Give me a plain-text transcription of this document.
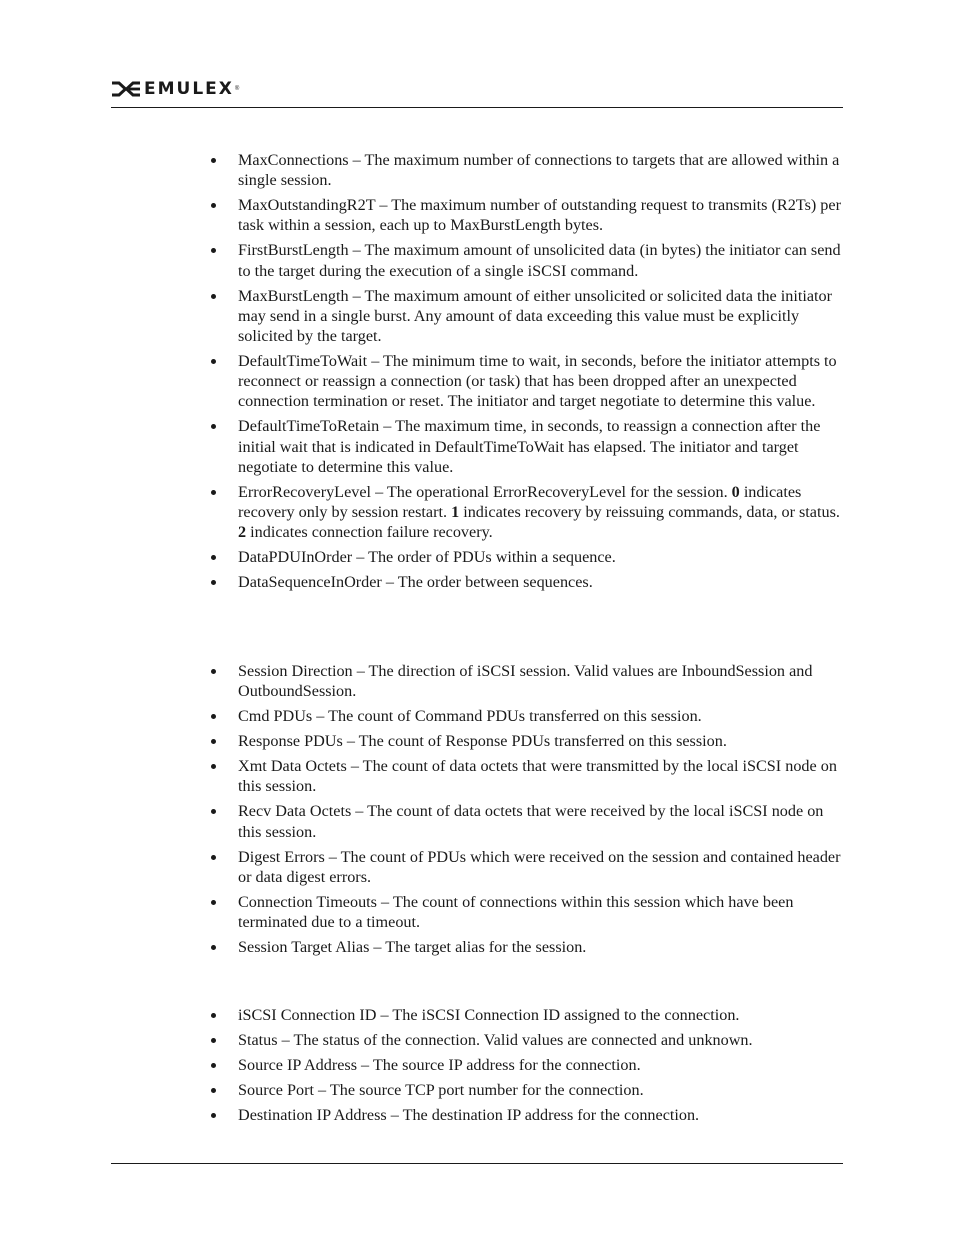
EMULEX ®
MaxConnections – The maximum number of connections to targets that are allowed within a single session.
MaxOutstandingR2T – The maximum number of outstanding request to transmits (R2Ts) per task within a session, each up to MaxBurstLength bytes.
FirstBurstLength – The maximum amount of unsolicited data (in bytes) the initiator can send to the target during the execution of a single iSCSI command.
MaxBurstLength – The maximum amount of either unsolicited or solicited data the initiator may send in a single burst. Any amount of data exceeding this value must be explicitly solicited by the target.
DefaultTimeToWait – The minimum time to wait, in seconds, before the initiator attempts to reconnect or reassign a connection (or task) that has been dropped after an unexpected connection termination or reset. The initiator and target negotiate to determine this value.
DefaultTimeToRetain – The maximum time, in seconds, to reassign a connection after the initial wait that is indicated in DefaultTimeToWait has elapsed. The initiator and target negotiate to determine this value.
ErrorRecoveryLevel – The operational ErrorRecoveryLevel for the session. 0 indicates recovery only by session restart. 1 indicates recovery by reissuing commands, data, or status. 2 indicates connection failure recovery.
DataPDUInOrder – The order of PDUs within a sequence.
DataSequenceInOrder – The order between sequences.
Session Direction – The direction of iSCSI session. Valid values are InboundSession and OutboundSession.
Cmd PDUs – The count of Command PDUs transferred on this session.
Response PDUs – The count of Response PDUs transferred on this session.
Xmt Data Octets – The count of data octets that were transmitted by the local iSCSI node on this session.
Recv Data Octets – The count of data octets that were received by the local iSCSI node on this session.
Digest Errors – The count of PDUs which were received on the session and contained header or data digest errors.
Connection Timeouts – The count of connections within this session which have been terminated due to a timeout.
Session Target Alias – The target alias for the session.
iSCSI Connection ID – The iSCSI Connection ID assigned to the connection.
Status – The status of the connection. Valid values are connected and unknown.
Source IP Address – The source IP address for the connection.
Source Port – The source TCP port number for the connection.
Destination IP Address – The destination IP address for the connection.
